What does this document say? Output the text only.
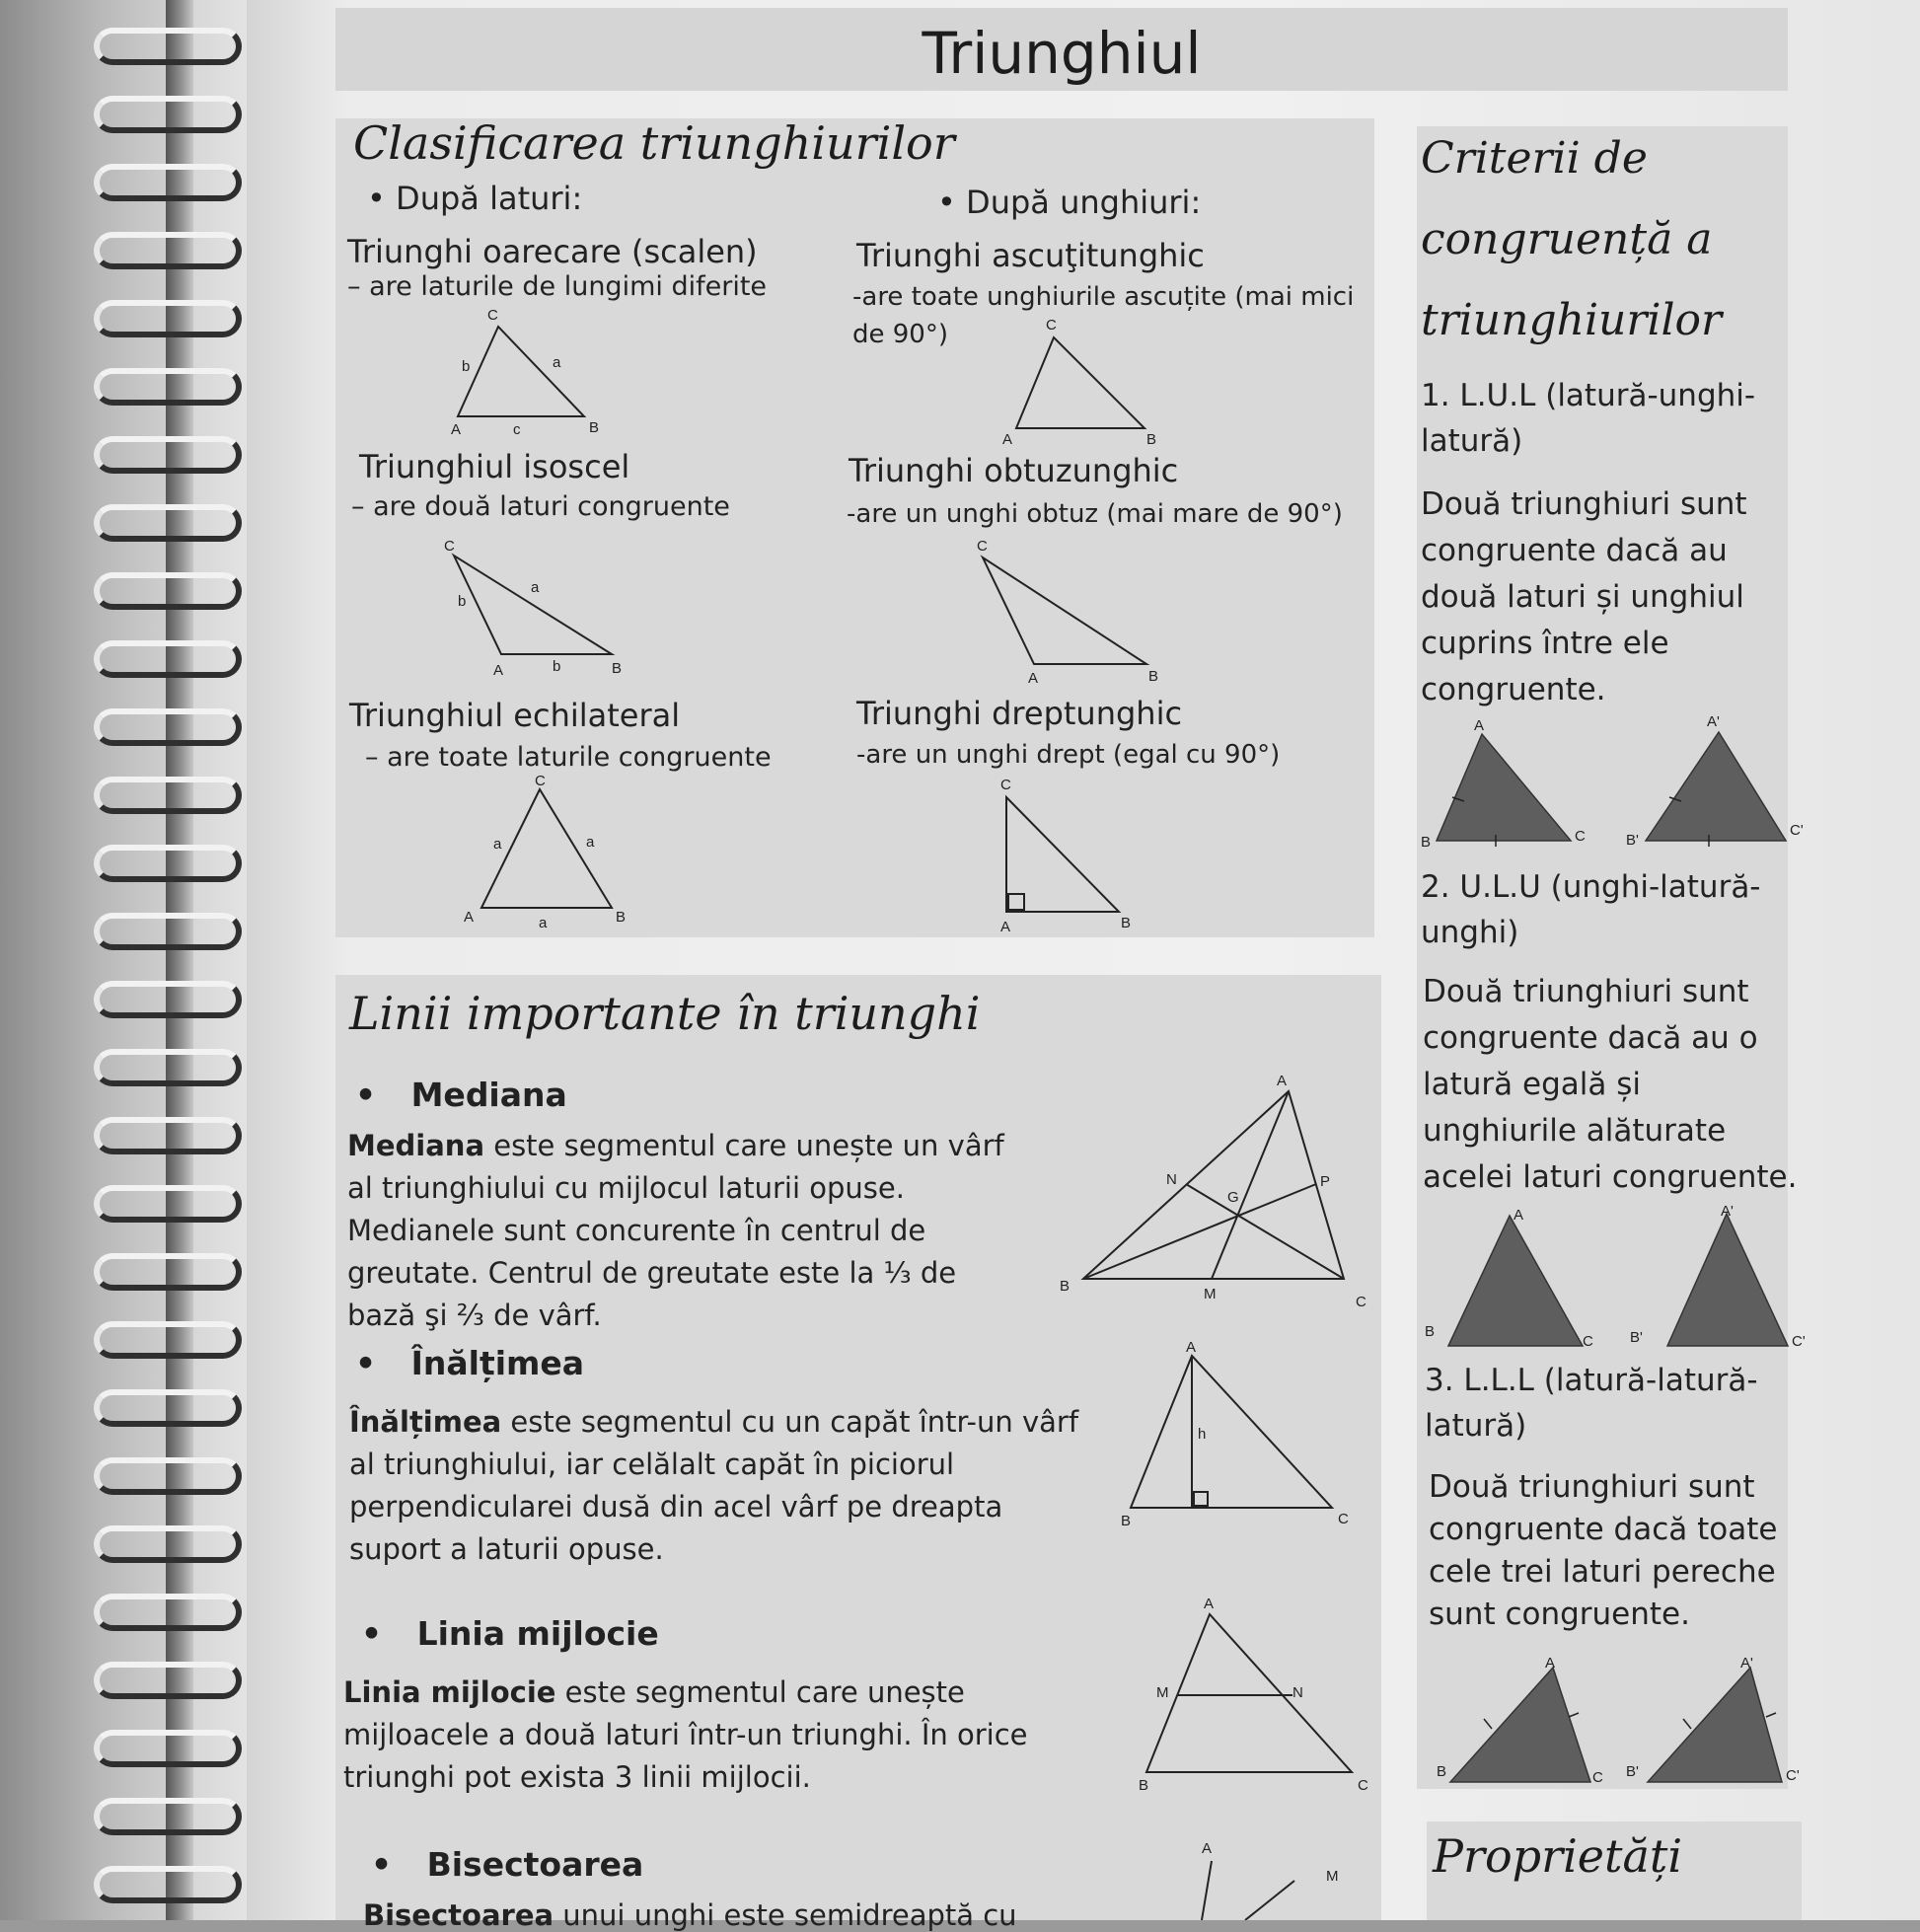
Triunghiul
Clasificarea triunghiurilor
• După laturi:	• După unghiuri:
Triunghi oarecare (scalen)
– are laturile de lungimi diferite
Triunghiul isoscel
– are două laturi congruente
Triunghiul echilateral
– are toate laturile congruente
Triunghi ascuţitunghic
-are toate unghiurile ascuțite (mai mici de 90°)
Triunghi obtuzunghic
-are un unghi obtuz (mai mare de 90°)
Triunghi dreptunghic
-are un unghi drept (egal cu 90°)
A	B
C
b	a
c
C
A	B
a
b
b
C
A	B
a	a
a
C
A	B
C
A	B
C
A	B
Linii importante în triunghi
• Mediana
Mediana este segmentul care unește un vârf al triunghiului cu mijlocul laturii opuse. Medianele sunt concurente în centrul de greutate. Centrul de greutate este la ⅓ de bază şi ⅔ de vârf.
• Înălțimea
Înălțimea este segmentul cu un capăt într-un vârf al triunghiului, iar celălalt capăt în piciorul perpendicularei dusă din acel vârf pe dreapta suport a laturii opuse.
• Linia mijlocie
Linia mijlocie este segmentul care unește mijloacele a două laturi într-un triunghi. În orice triunghi pot exista 3 linii mijlocii.
• Bisectoarea
Bisectoarea unui unghi este semidreaptă cu
A
B
C
M
N	P
G
A
B	C
h
A
B	C
M	N
A
M
Criterii de
congruență a
triunghiurilor
1. L.U.L (latură-unghi-latură)
Două triunghiuri sunt congruente dacă au două laturi și unghiul cuprins între ele congruente.
2. U.L.U (unghi-latură-unghi)
Două triunghiuri sunt congruente dacă au o latură egală și unghiurile alăturate acelei laturi congruente.
3. L.L.L (latură-latură-latură)
Două triunghiuri sunt congruente dacă toate cele trei laturi pereche sunt congruente.
A
B	C
A'
B'
C'
A
B
C
A'
B'	C'
A
B	C
A'
B'	C'
Proprietăți
